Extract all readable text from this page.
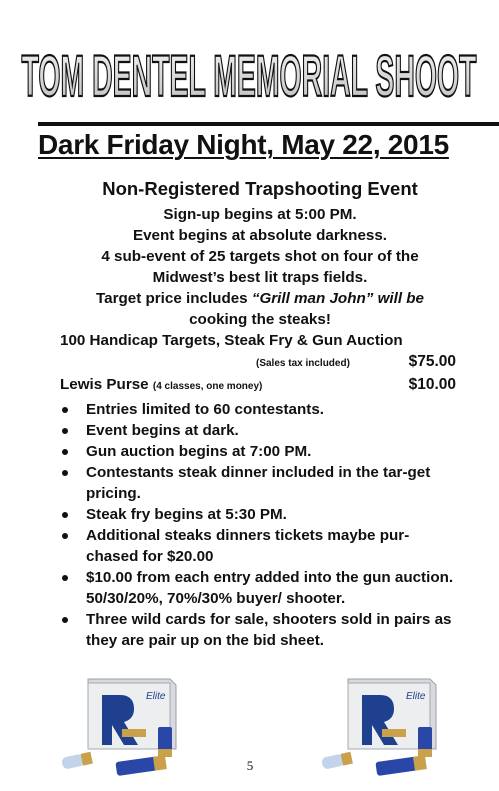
TOM DENTEL MEMORIAL SHOOT
Dark Friday Night, May 22, 2015
Non-Registered Trapshooting Event
Sign-up begins at 5:00 PM.
Event begins at absolute darkness.
4 sub-event of 25 targets shot on four of the
Midwest’s best lit traps fields.
Target price includes “Grill man John” will be
cooking the steaks!
100 Handicap Targets, Steak Fry & Gun Auction
(Sales tax included)	$75.00
Lewis Purse (4 classes, one money)	$10.00
Entries limited to 60 contestants.
Event begins at dark.
Gun auction begins at 7:00 PM.
Contestants steak dinner included in the tar-get pricing.
Steak fry begins at 5:30 PM.
Additional steaks dinners tickets maybe pur-chased for $20.00
$10.00 from each entry added into the gun auction. 50/30/20%, 70%/30% buyer/ shooter.
Three wild cards for sale, shooters sold in pairs as they are pair up on the bid sheet.
Elite	Elite
5
